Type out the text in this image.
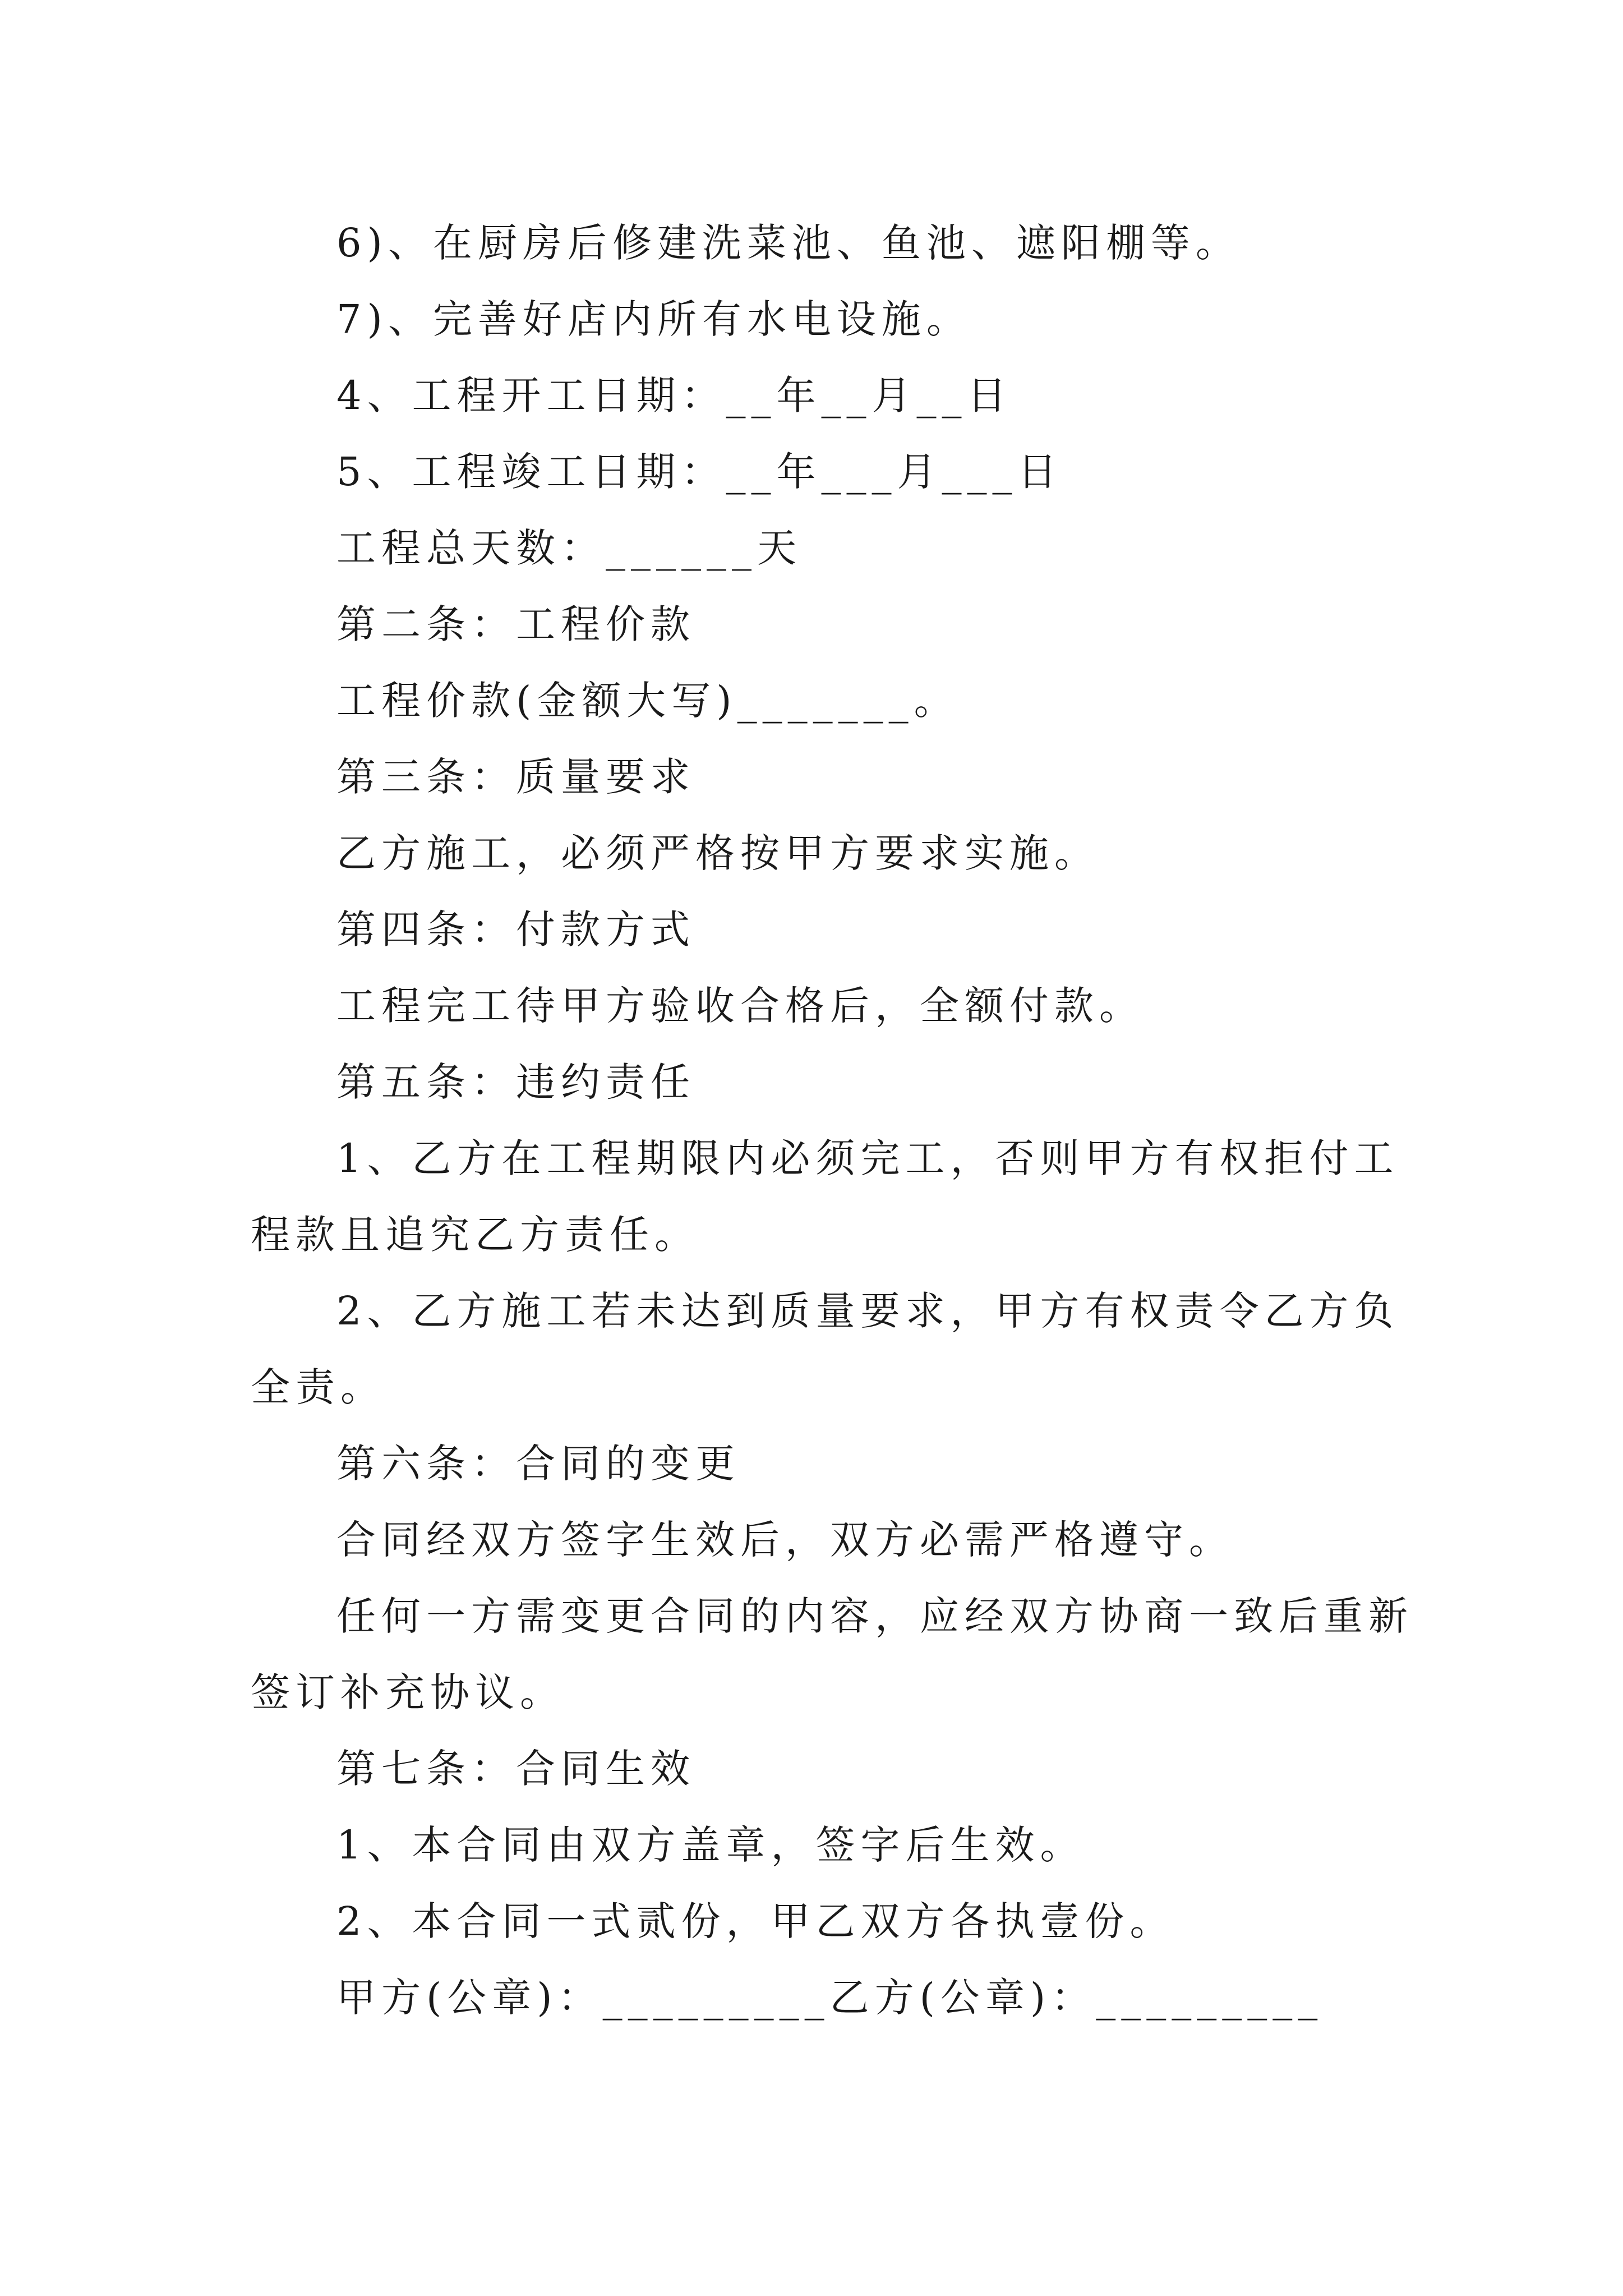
6)、在厨房后修建洗菜池、鱼池、遮阳棚等。
7)、完善好店内所有水电设施。
4、工程开工日期：__年__月__日
5、工程竣工日期：__年___月___日
工程总天数：______天
第二条：工程价款
工程价款(金额大写)_______。
第三条：质量要求
乙方施工，必须严格按甲方要求实施。
第四条：付款方式
工程完工待甲方验收合格后，全额付款。
第五条：违约责任
1、乙方在工程期限内必须完工，否则甲方有权拒付工
程款且追究乙方责任。
2、乙方施工若未达到质量要求，甲方有权责令乙方负
全责。
第六条：合同的变更
合同经双方签字生效后，双方必需严格遵守。
任何一方需变更合同的内容，应经双方协商一致后重新
签订补充协议。
第七条：合同生效
1、本合同由双方盖章，签字后生效。
2、本合同一式贰份，甲乙双方各执壹份。
甲方(公章)：_________乙方(公章)：_________
